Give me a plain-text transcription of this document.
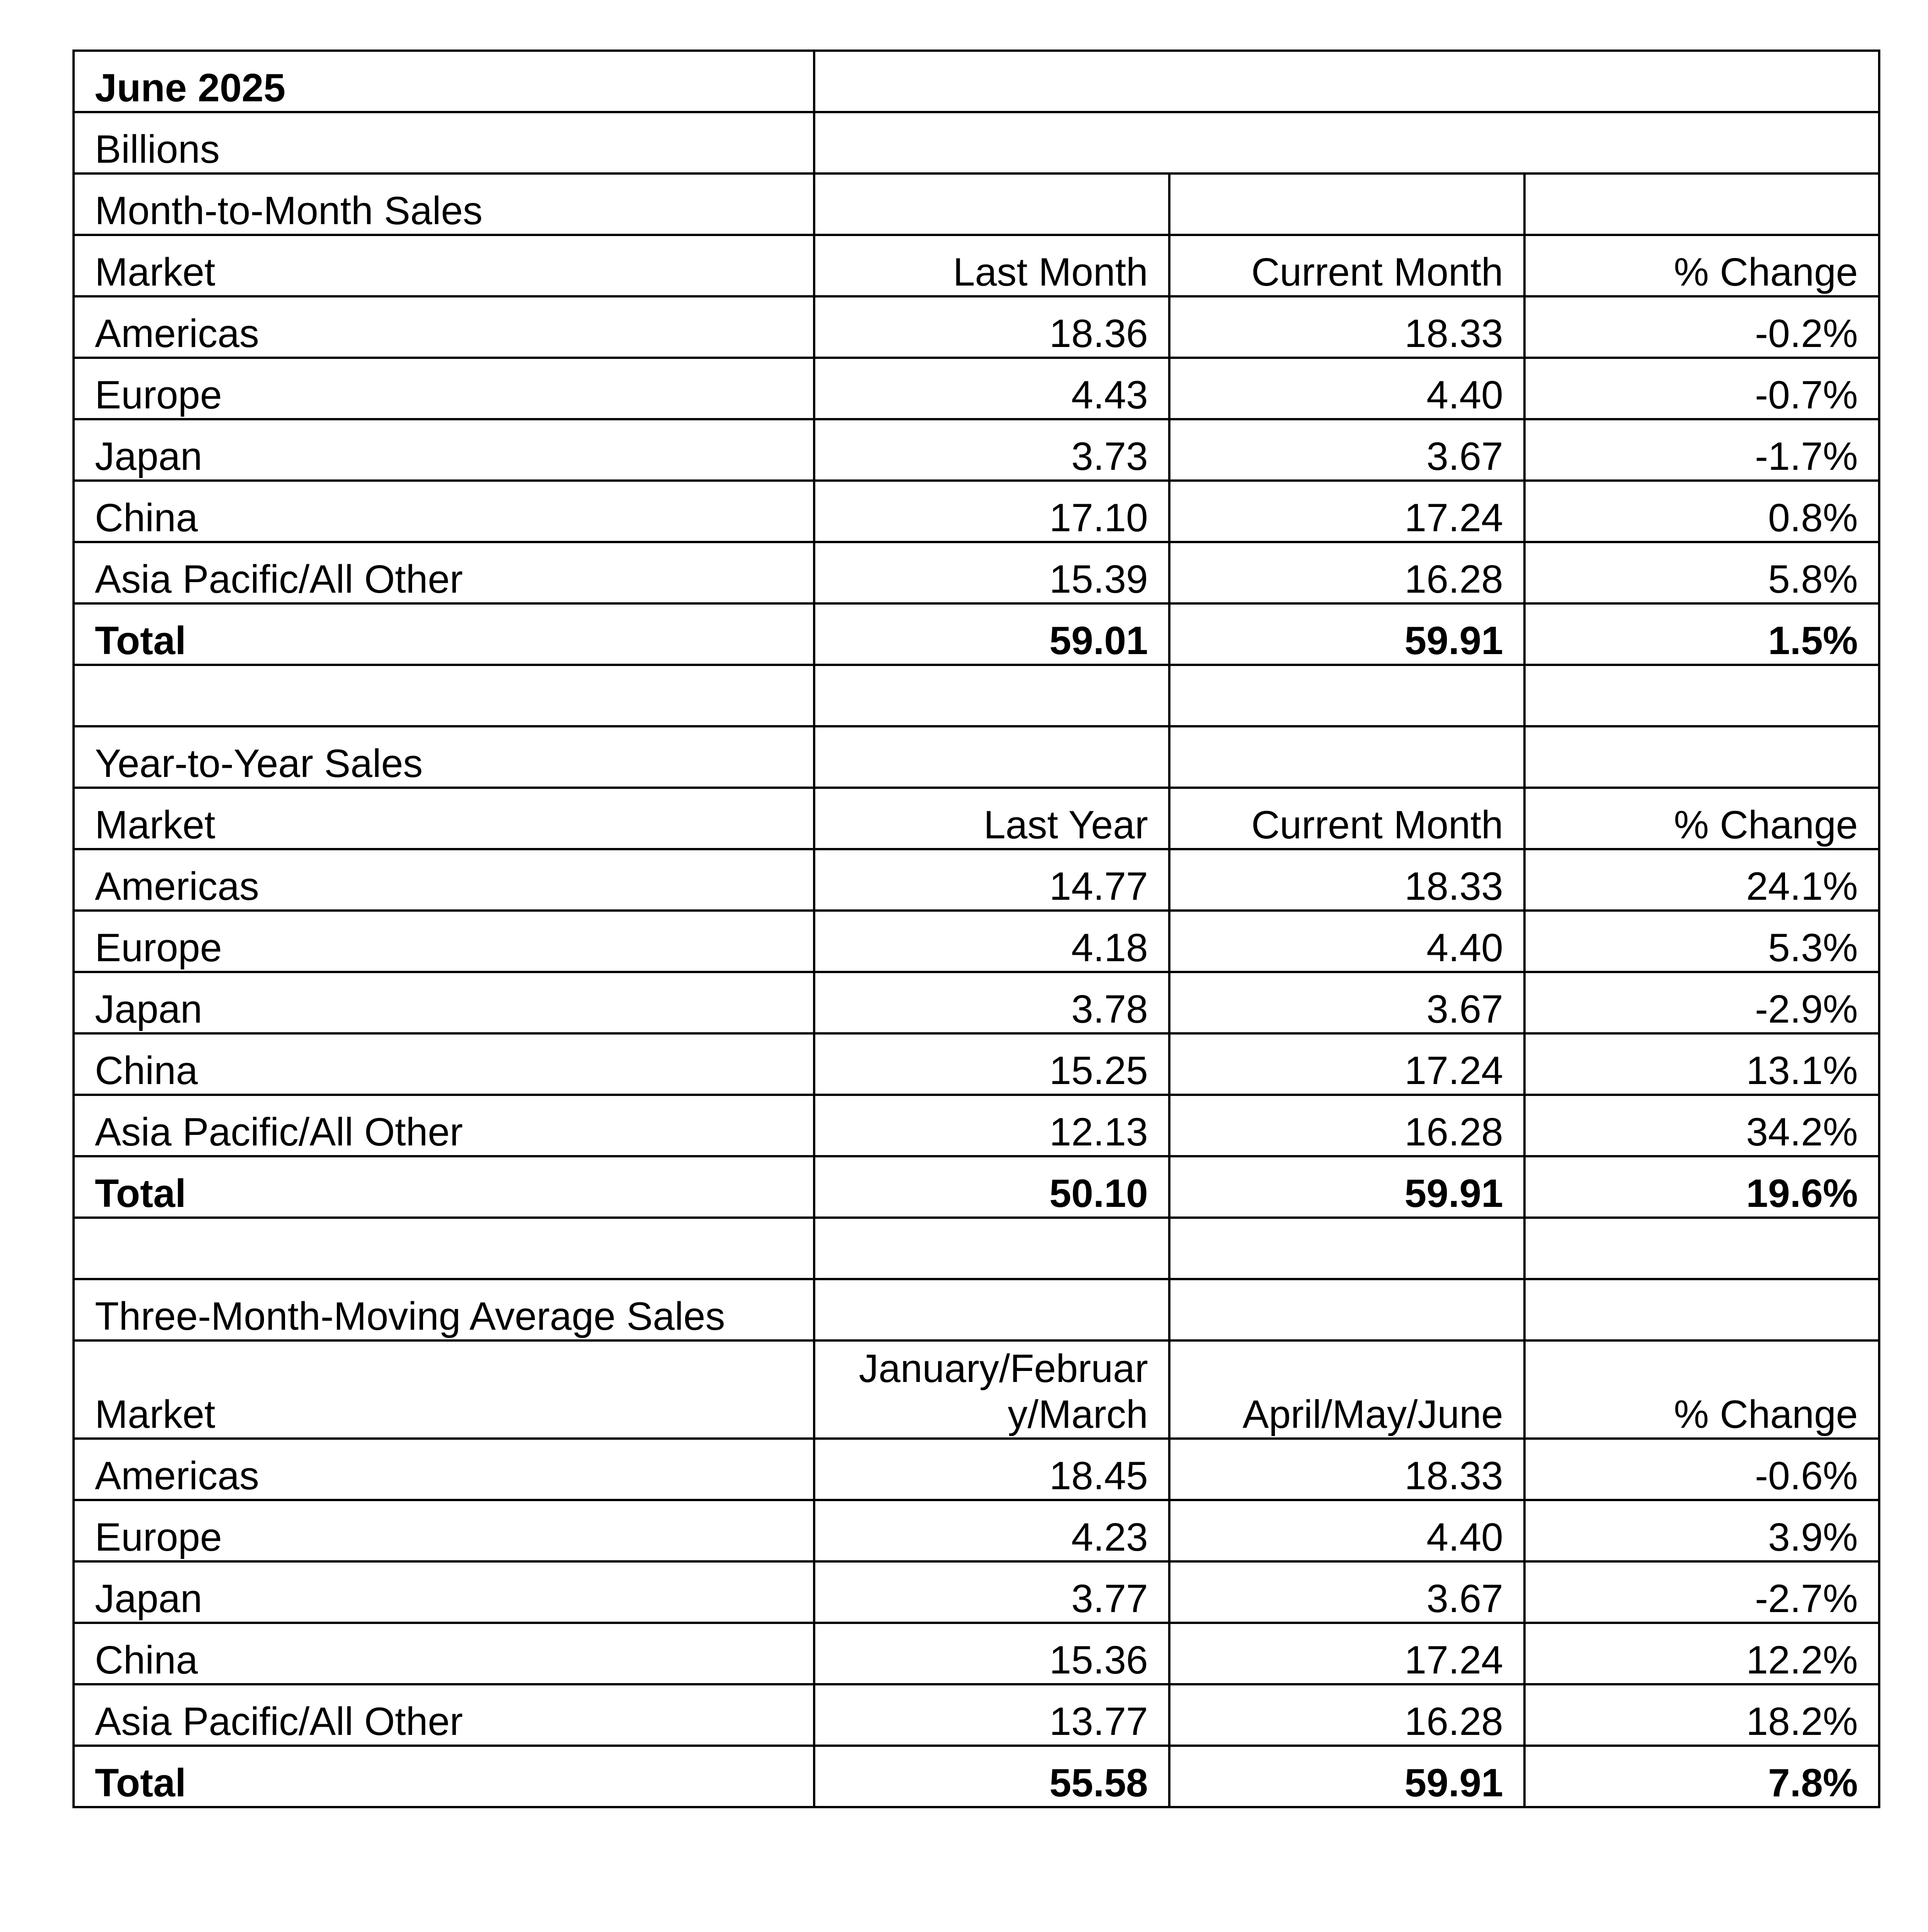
June 2025			
Billions			
Month-to-Month Sales			
Market	Last Month	Current Month	% Change
Americas	18.36	18.33	-0.2%
Europe	4.43	4.40	-0.7%
Japan	3.73	3.67	-1.7%
China	17.10	17.24	0.8%
Asia Pacific/All Other	15.39	16.28	5.8%
Total	59.01	59.91	1.5%

Year-to-Year Sales			
Market	Last Year	Current Month	% Change
Americas	14.77	18.33	24.1%
Europe	4.18	4.40	5.3%
Japan	3.78	3.67	-2.9%
China	15.25	17.24	13.1%
Asia Pacific/All Other	12.13	16.28	34.2%
Total	50.10	59.91	19.6%

Three-Month-Moving Average Sales			
Market	January/February/March	April/May/June	% Change
Americas	18.45	18.33	-0.6%
Europe	4.23	4.40	3.9%
Japan	3.77	3.67	-2.7%
China	15.36	17.24	12.2%
Asia Pacific/All Other	13.77	16.28	18.2%
Total	55.58	59.91	7.8%
